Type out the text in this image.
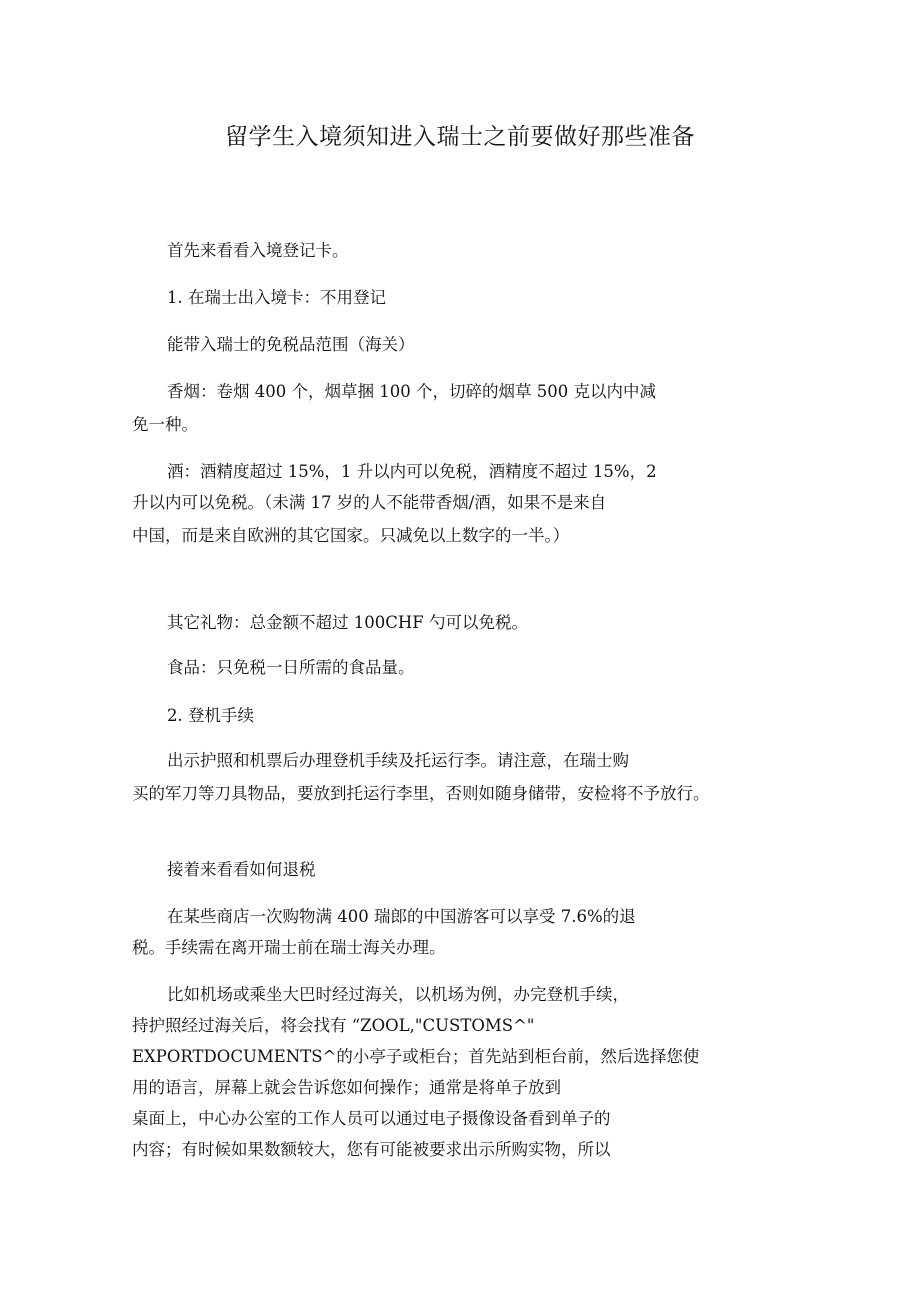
留学生入境须知进入瑞士之前要做好那些准备
首先来看看入境登记卡。
1. 在瑞士出入境卡：不用登记
能带入瑞士的免税品范围（海关）
香烟：卷烟 400 个，烟草捆 100 个，切碎的烟草 500 克以内中减
免一种。
酒：酒精度超过 15%，1 升以内可以免税，酒精度不超过 15%，2
升以内可以免税。（未满 17 岁的人不能带香烟/酒，如果不是来自
中国，而是来自欧洲的其它国家。只减免以上数字的一半。）
其它礼物：总金额不超过 100CHF 勺可以免税。
食品：只免税一日所需的食品量。
2. 登机手续
出示护照和机票后办理登机手续及托运行李。请注意，在瑞士购
买的军刀等刀具物品，要放到托运行李里，否则如随身储带，安检将不予放行。
接着来看看如何退税
在某些商店一次购物满 400 瑞郎的中国游客可以享受 7.6%的退
税。手续需在离开瑞士前在瑞士海关办理。
比如机场或乘坐大巴时经过海关，以机场为例，办完登机手续，
持护照经过海关后，将会找有 “ZOOL,"CUSTOMS^"
EXPORTDOCUMENTS^的小亭子或柜台；首先站到柜台前，然后选择您使
用的语言，屏幕上就会告诉您如何操作；通常是将单子放到
桌面上，中心办公室的工作人员可以通过电子摄像设备看到单子的
内容；有时候如果数额较大，您有可能被要求出示所购实物，所以
